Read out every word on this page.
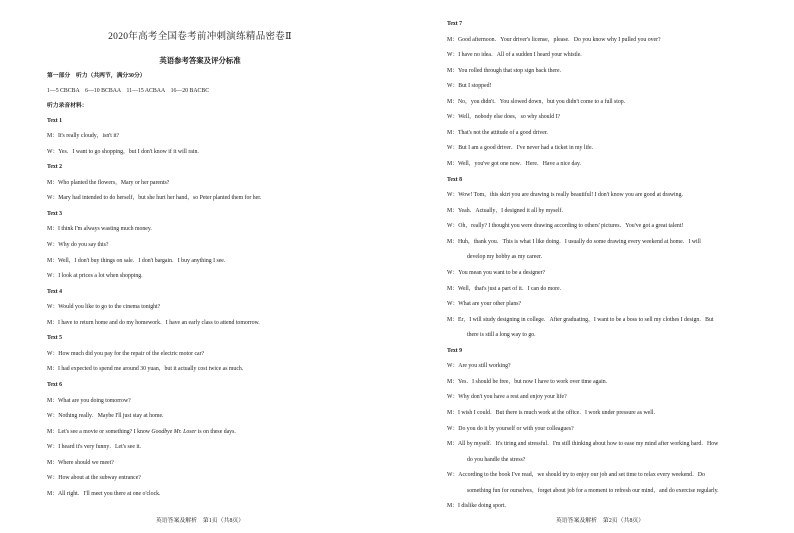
2020年高考全国卷考前冲刺演练精品密卷Ⅱ
英语参考答案及评分标准
第一部分　听力（共两节，满分30分）
1—5 CBCBA　6—10 BCBAA　11—15 ACBAA　16—20 BACBC
听力录音材料：
Text 1
M：It's really cloudy，isn't it?
W：Yes．I want to go shopping，but I don't know if it will rain.
Text 2
M：Who planted the flowers，Mary or her parents?
W：Mary had intended to do herself，but she hurt her hand，so Peter planted them for her.
Text 3
M：I think I'm always wasting much money.
W：Why do you say this?
M：Well，I don't buy things on sale．I don't bargain．I buy anything I see.
W：I look at prices a lot when shopping.
Text 4
W：Would you like to go to the cinema tonight?
M：I have to return home and do my homework．I have an early class to attend tomorrow.
Text 5
W：How much did you pay for the repair of the electric motor car?
M：I had expected to spend me around 30 yuan，but it actually cost twice as much.
Text 6
M：What are you doing tomorrow?
W：Nothing really．Maybe I'll just stay at home.
M：Let's see a movie or something? I know Goodbye Mr. Loser is on these days.
W：I heard it's very funny．Let's see it.
M：Where should we meet?
W：How about at the subway entrance?
M：All right．I'll meet you there at one o'clock.
英语答案及解析　第1页（共8页）
Text 7
M：Good afternoon．Your driver's license，please．Do you know why I pulled you over?
W：I have no idea．All of a sudden I heard your whistle.
M：You rolled through that stop sign back there.
W：But I stopped!
M：No，you didn't．You slowed down，but you didn't come to a full stop.
W：Well，nobody else does，so why should I?
M：That's not the attitude of a good driver.
W：But I am a good driver．I've never had a ticket in my life.
M：Well，you've got one now．Here．Have a nice day.
Text 8
W：Wow! Tom，this skirt you are drawing is really beautiful! I don't know you are good at drawing.
M：Yeah．Actually，I designed it all by myself.
W：Oh，really? I thought you were drawing according to others' pictures．You've got a great talent!
M：Huh，thank you．This is what I like doing．I usually do some drawing every weekend at home．I will
develop my hobby as my career.
W：You mean you want to be a designer?
M：Well，that's just a part of it．I can do more.
W：What are your other plans?
M：Er，I will study designing in college．After graduating，I want to be a boss to sell my clothes I design．But
there is still a long way to go.
Text 9
W：Are you still working?
M：Yes．I should be free，but now I have to work over time again.
W：Why don't you have a rest and enjoy your life?
M：I wish I could．But there is much work at the office．I work under pressure as well.
W：Do you do it by yourself or with your colleagues?
M：All by myself．It's tiring and stressful．I'm still thinking about how to ease my mind after working hard．How
do you handle the stress?
W：According to the book I've read，we should try to enjoy our job and set time to relax every weekend．Do
something fun for ourselves，forget about job for a moment to refresh our mind，and do exercise regularly.
M：I dislike doing sport.
英语答案及解析　第2页（共8页）
